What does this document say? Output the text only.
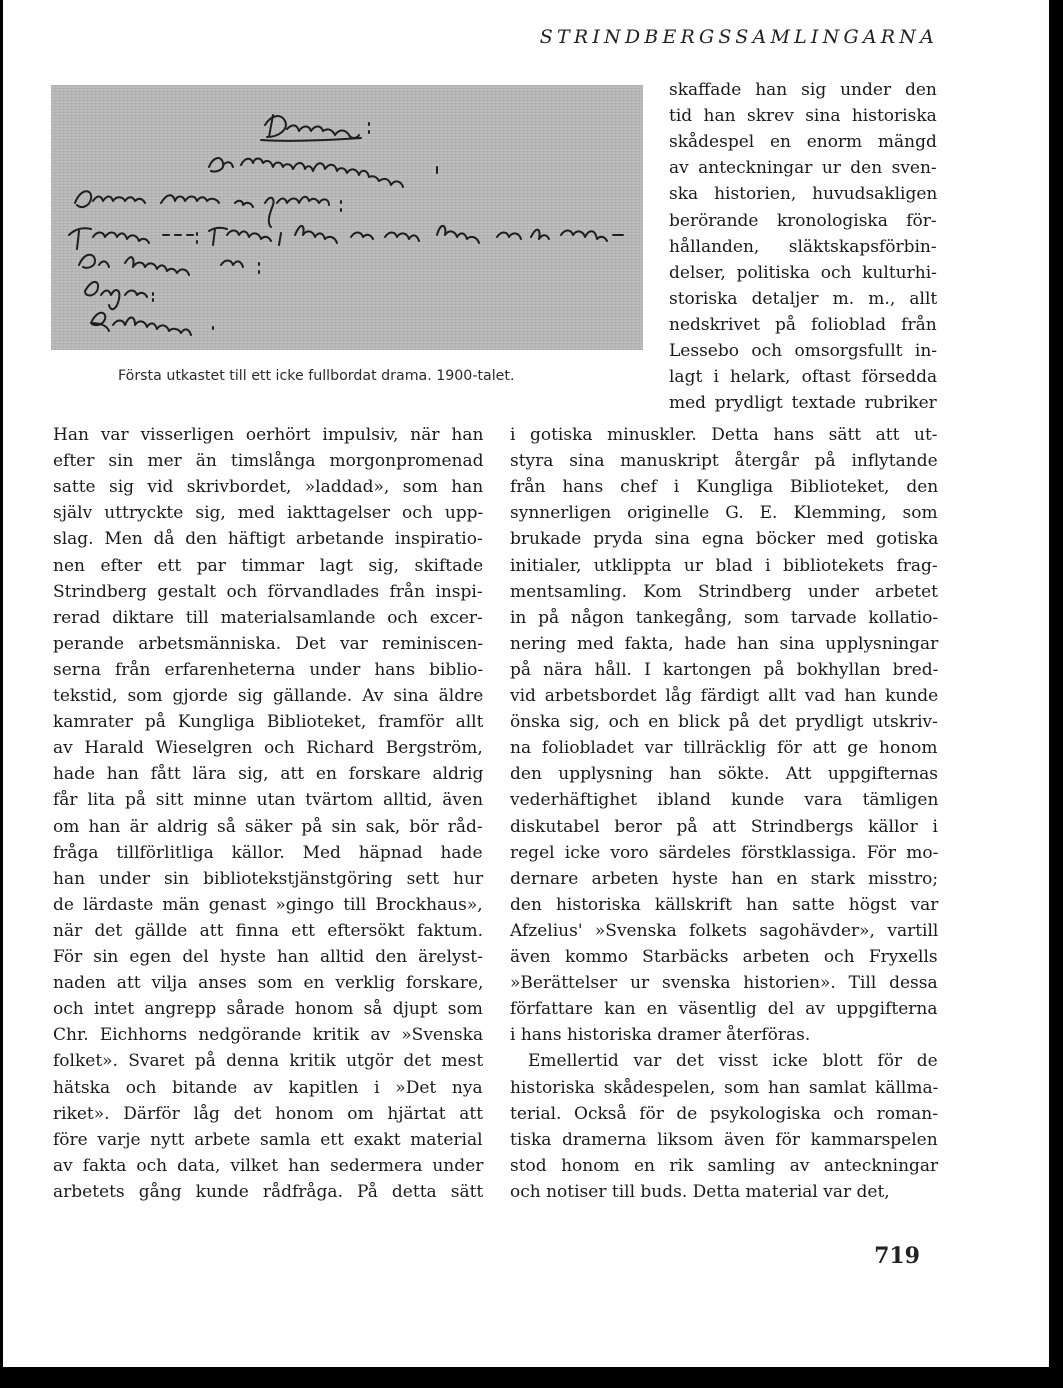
STRINDBERGSSAMLINGARNA
Första utkastet till ett icke fullbordat drama. 1900-talet.
skaffade han sig under den
tid han skrev sina historiska
skådespel en enorm mängd
av anteckningar ur den sven-
ska historien, huvudsakligen
berörande kronologiska för-
hållanden, släktskapsförbin-
delser, politiska och kulturhi-
storiska detaljer m. m., allt
nedskrivet på folioblad från
Lessebo och omsorgsfullt in-
lagt i helark, oftast försedda
med prydligt textade rubriker
Han var visserligen oerhört impulsiv, när han
efter sin mer än timslånga morgonpromenad
satte sig vid skrivbordet, »laddad», som han
själv uttryckte sig, med iakttagelser och upp-
slag. Men då den häftigt arbetande inspiratio-
nen efter ett par timmar lagt sig, skiftade
Strindberg gestalt och förvandlades från inspi-
rerad diktare till materialsamlande och excer-
perande arbetsmänniska. Det var reminiscen-
serna från erfarenheterna under hans biblio-
tekstid, som gjorde sig gällande. Av sina äldre
kamrater på Kungliga Biblioteket, framför allt
av Harald Wieselgren och Richard Bergström,
hade han fått lära sig, att en forskare aldrig
får lita på sitt minne utan tvärtom alltid, även
om han är aldrig så säker på sin sak, bör råd-
fråga tillförlitliga källor. Med häpnad hade
han under sin bibliotekstjänstgöring sett hur
de lärdaste män genast »gingo till Brockhaus»,
när det gällde att finna ett eftersökt faktum.
För sin egen del hyste han alltid den ärelyst-
naden att vilja anses som en verklig forskare,
och intet angrepp sårade honom så djupt som
Chr. Eichhorns nedgörande kritik av »Svenska
folket». Svaret på denna kritik utgör det mest
hätska och bitande av kapitlen i »Det nya
riket». Därför låg det honom om hjärtat att
före varje nytt arbete samla ett exakt material
av fakta och data, vilket han sedermera under
arbetets gång kunde rådfråga. På detta sätt
i gotiska minuskler. Detta hans sätt att ut-
styra sina manuskript återgår på inflytande
från hans chef i Kungliga Biblioteket, den
synnerligen originelle G. E. Klemming, som
brukade pryda sina egna böcker med gotiska
initialer, utklippta ur blad i bibliotekets frag-
mentsamling. Kom Strindberg under arbetet
in på någon tankegång, som tarvade kollatio-
nering med fakta, hade han sina upplysningar
på nära håll. I kartongen på bokhyllan bred-
vid arbetsbordet låg färdigt allt vad han kunde
önska sig, och en blick på det prydligt utskriv-
na foliobladet var tillräcklig för att ge honom
den upplysning han sökte. Att uppgifternas
vederhäftighet ibland kunde vara tämligen
diskutabel beror på att Strindbergs källor i
regel icke voro särdeles förstklassiga. För mo-
dernare arbeten hyste han en stark misstro;
den historiska källskrift han satte högst var
Afzelius' »Svenska folkets sagohävder», vartill
även kommo Starbäcks arbeten och Fryxells
»Berättelser ur svenska historien». Till dessa
författare kan en väsentlig del av uppgifterna
i hans historiska dramer återföras.
Emellertid var det visst icke blott för de
historiska skådespelen, som han samlat källma-
terial. Också för de psykologiska och roman-
tiska dramerna liksom även för kammarspelen
stod honom en rik samling av anteckningar
och notiser till buds. Detta material var det,
719
